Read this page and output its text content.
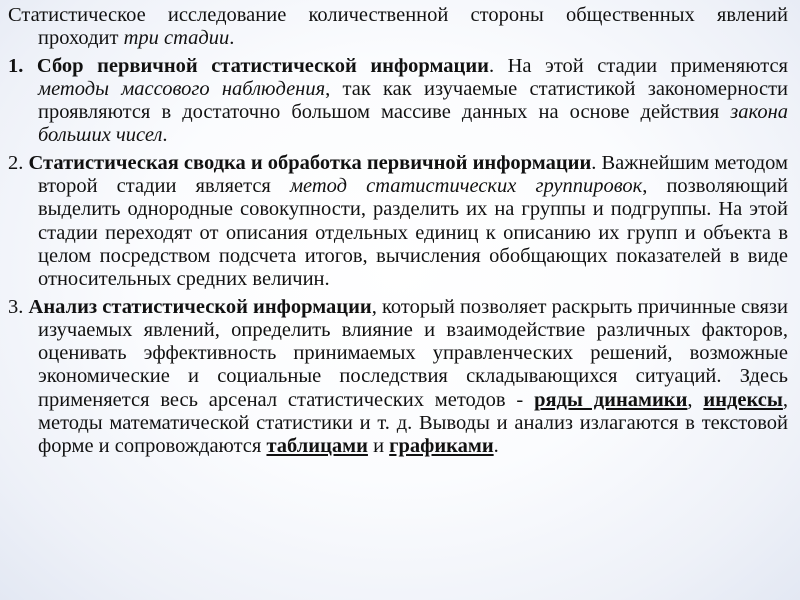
Статистическое исследование количественной стороны общественных явлений проходит три стадии.

1. Сбор первичной статистической информации. На этой стадии применяются методы массового наблюдения, так как изучаемые статистикой закономерности проявляются в достаточно большом массиве данных на основе действия закона больших чисел.

2. Статистическая сводка и обработка первичной информации. Важнейшим методом второй стадии является метод статистических группировок, позволяющий выделить однородные совокупности, разделить их на группы и подгруппы. На этой стадии переходят от описания отдельных единиц к описанию их групп и объекта в целом посредством подсчета итогов, вычисления обобщающих показателей в виде относительных средних величин.

3. Анализ статистической информации, который позволяет раскрыть причинные связи изучаемых явлений, определить влияние и взаимодействие различных факторов, оценивать эффективность принимаемых управленческих решений, возможные экономические и социальные последствия складывающихся ситуаций. Здесь применяется весь арсенал статистических методов - ряды динамики, индексы, методы математической статистики и т. д. Выводы и анализ излагаются в текстовой форме и сопровождаются таблицами и графиками.
